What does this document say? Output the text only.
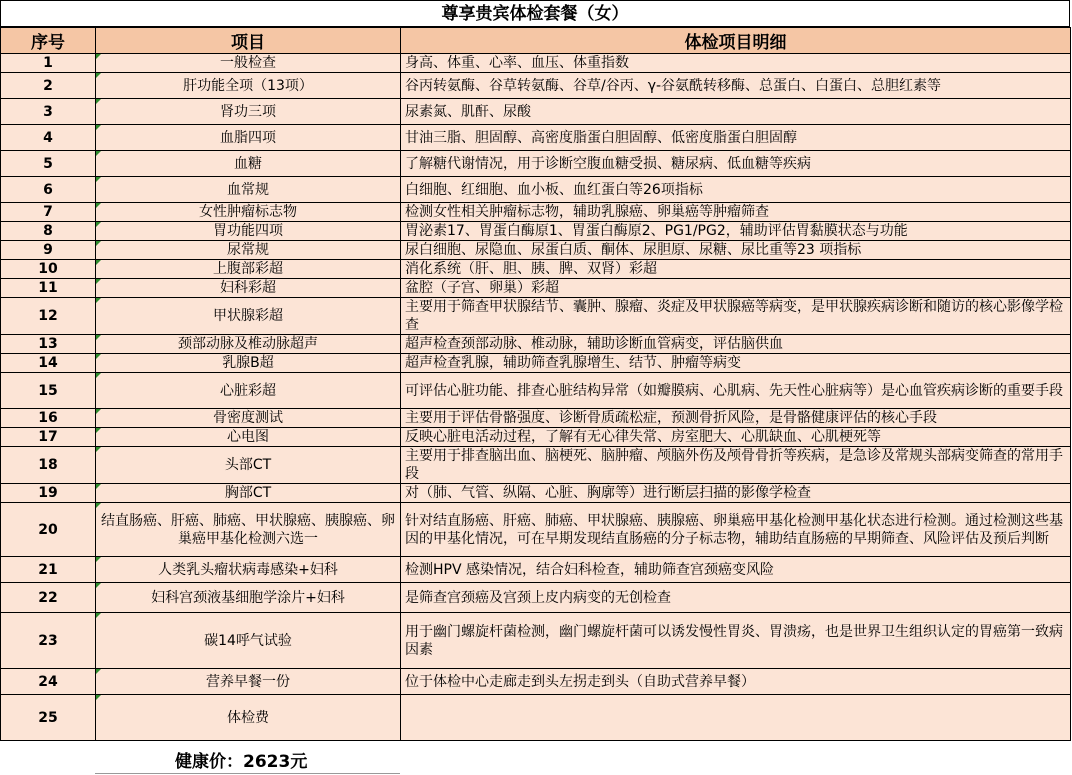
尊享贵宾体检套餐（女）
序号	项目	体检项目明细
1	一般检查	身高、体重、心率、血压、体重指数
2	肝功能全项（13项）	谷丙转氨酶、谷草转氨酶、谷草/谷丙、γ-谷氨酰转移酶、总蛋白、白蛋白、总胆红素等
3	肾功三项	尿素氮、肌酐、尿酸
4	血脂四项	甘油三脂、胆固醇、高密度脂蛋白胆固醇、低密度脂蛋白胆固醇
5	血糖	了解糖代谢情况，用于诊断空腹血糖受损、糖尿病、低血糖等疾病
6	血常规	白细胞、红细胞、血小板、血红蛋白等26项指标
7	女性肿瘤标志物	检测女性相关肿瘤标志物，辅助乳腺癌、卵巢癌等肿瘤筛查
8	胃功能四项	胃泌素17、胃蛋白酶原1、胃蛋白酶原2、PG1/PG2，辅助评估胃黏膜状态与功能
9	尿常规	尿白细胞、尿隐血、尿蛋白质、酮体、尿胆原、尿糖、尿比重等23 项指标
10	上腹部彩超	消化系统（肝、胆、胰、脾、双肾）彩超
11	妇科彩超	盆腔（子宫、卵巢）彩超
12	甲状腺彩超	主要用于筛查甲状腺结节、囊肿、腺瘤、炎症及甲状腺癌等病变，是甲状腺疾病诊断和随访的核心影像学检查
13	颈部动脉及椎动脉超声	超声检查颈部动脉、椎动脉，辅助诊断血管病变，评估脑供血
14	乳腺B超	超声检查乳腺，辅助筛查乳腺增生、结节、肿瘤等病变
15	心脏彩超	可评估心脏功能、排查心脏结构异常（如瓣膜病、心肌病、先天性心脏病等）是心血管疾病诊断的重要手段
16	骨密度测试	主要用于评估骨骼强度、诊断骨质疏松症，预测骨折风险，是骨骼健康评估的核心手段
17	心电图	反映心脏电活动过程，了解有无心律失常、房室肥大、心肌缺血、心肌梗死等
18	头部CT	主要用于排查脑出血、脑梗死、脑肿瘤、颅脑外伤及颅骨骨折等疾病，是急诊及常规头部病变筛查的常用手段
19	胸部CT	对（肺、气管、纵隔、心脏、胸廓等）进行断层扫描的影像学检查
20	结直肠癌、肝癌、肺癌、甲状腺癌、胰腺癌、卵巢癌甲基化检测六选一	针对结直肠癌、肝癌、肺癌、甲状腺癌、胰腺癌、卵巢癌甲基化检测甲基化状态进行检测。通过检测这些基因的甲基化情况，可在早期发现结直肠癌的分子标志物，辅助结直肠癌的早期筛查、风险评估及预后判断
21	人类乳头瘤状病毒感染+妇科	检测HPV 感染情况，结合妇科检查，辅助筛查宫颈癌变风险
22	妇科宫颈液基细胞学涂片+妇科	是筛查宫颈癌及宫颈上皮内病变的无创检查
23	碳14呼气试验	用于幽门螺旋杆菌检测，幽门螺旋杆菌可以诱发慢性胃炎、胃溃疡，也是世界卫生组织认定的胃癌第一致病因素
24	营养早餐一份	位于体检中心走廊走到头左拐走到头（自助式营养早餐）
25	体检费	
健康价：2623元
